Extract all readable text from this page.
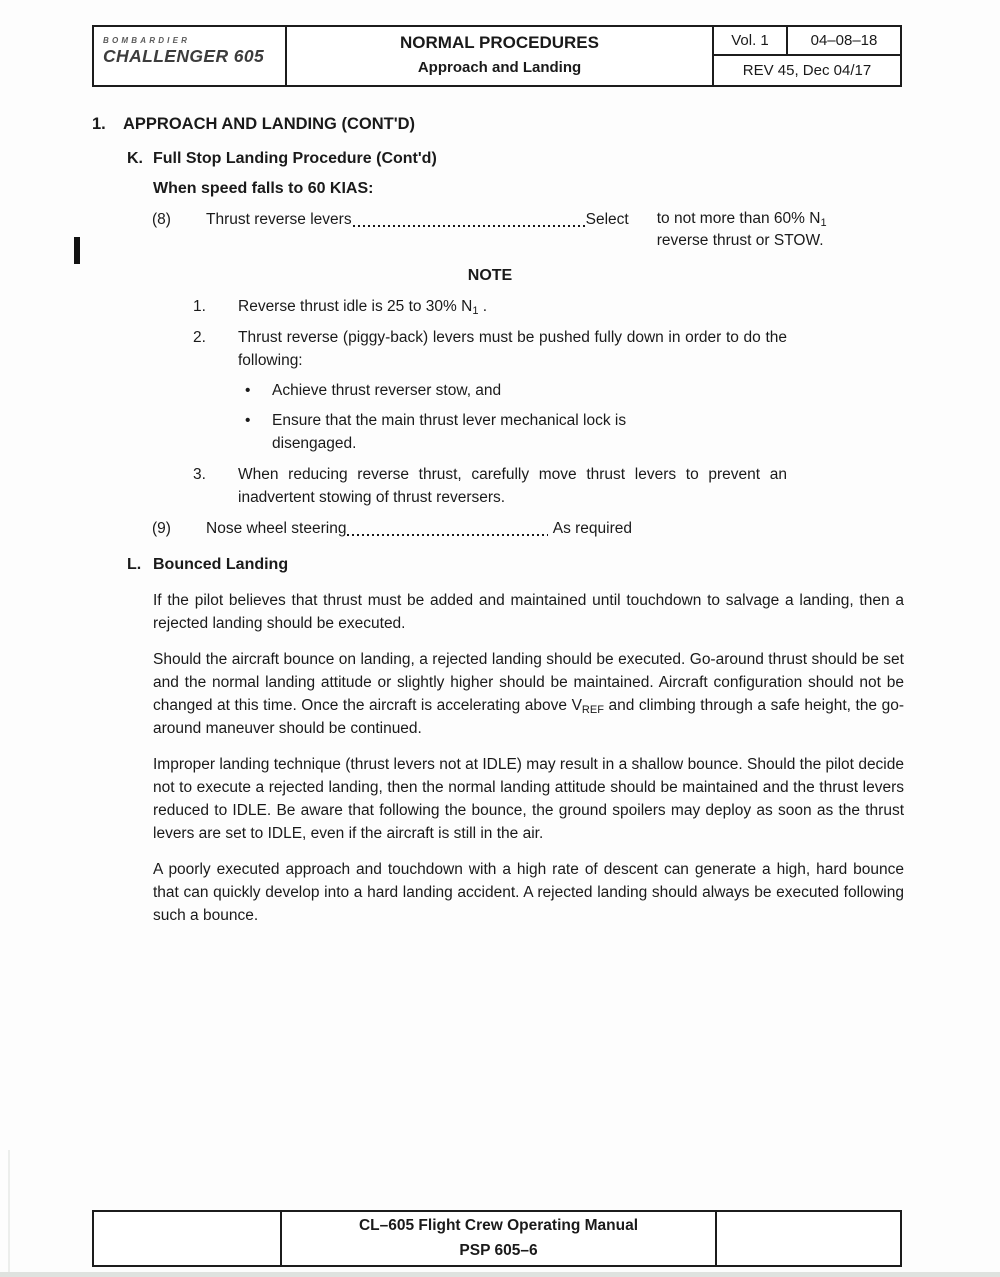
BOMBARDIER
CHALLENGER 605
NORMAL PROCEDURES
Approach and Landing
Vol. 1	04–08–18
REV 45, Dec 04/17
1.	APPROACH AND LANDING (CONT'D)
K. Full Stop Landing Procedure (Cont'd)
When speed falls to 60 KIAS:
(8)	Thrust reverse levers	Select to not more than 60% $N_1$
reverse thrust or STOW.
NOTE
1.	Reverse thrust idle is 25 to 30% $N_1$ .
2.	Thrust reverse (piggy-back) levers must be pushed fully down in order to do the following:
•	Achieve thrust reverser stow, and
•	Ensure that the main thrust lever mechanical lock is disengaged.
3.	When reducing reverse thrust, carefully move thrust levers to prevent an inadvertent stowing of thrust reversers.
(9)	Nose wheel steering	As required
L. Bounced Landing
If the pilot believes that thrust must be added and maintained until touchdown to salvage a landing, then a rejected landing should be executed.
Should the aircraft bounce on landing, a rejected landing should be executed. Go-around thrust should be set and the normal landing attitude or slightly higher should be maintained. Aircraft configuration should not be changed at this time. Once the aircraft is accelerating above $V_{REF}$ and climbing through a safe height, the go-around maneuver should be continued.
Improper landing technique (thrust levers not at IDLE) may result in a shallow bounce. Should the pilot decide not to execute a rejected landing, then the normal landing attitude should be maintained and the thrust levers reduced to IDLE. Be aware that following the bounce, the ground spoilers may deploy as soon as the thrust levers are set to IDLE, even if the aircraft is still in the air.
A poorly executed approach and touchdown with a high rate of descent can generate a high, hard bounce that can quickly develop into a hard landing accident. A rejected landing should always be executed following such a bounce.
CL–605 Flight Crew Operating Manual
PSP 605–6
